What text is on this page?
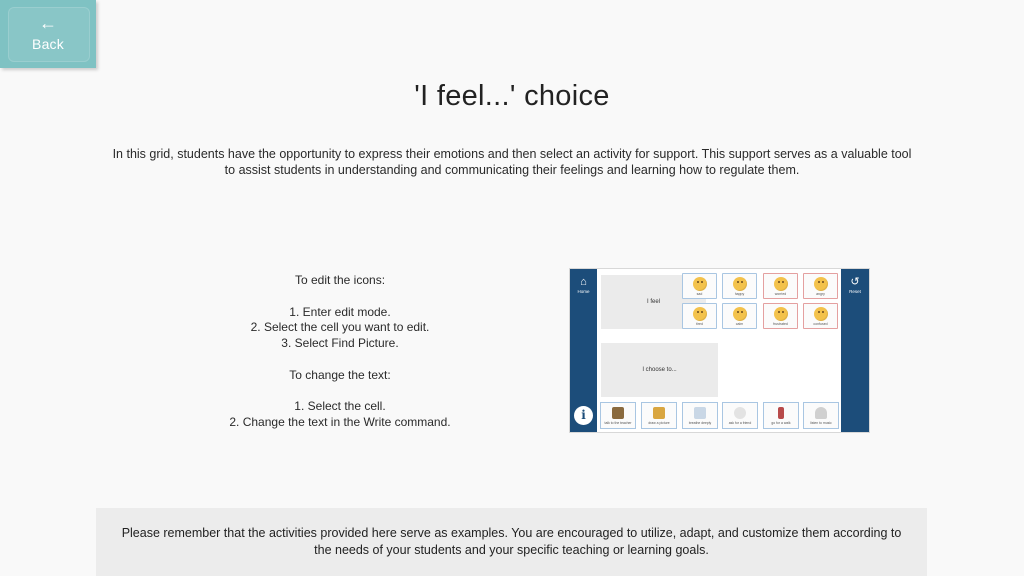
←
Back
'I feel...' choice

In this grid, students have the opportunity to express their emotions and then select an activity for support. This support serves as a valuable tool to assist students in understanding and communicating their feelings and learning how to regulate them.

To edit the icons:

1. Enter edit mode.

2. Select the cell you want to edit.

3. Select Find Picture.

To change the text:

1. Select the cell.

2. Change the text in the Write command.

⌂
Home
i
↺
Reset
I feel
I choose to...
sad	happy	worried	angry
tired	calm	frustrated	confused
talk to the teacher	draw a picture	breathe deeply	ask for a friend	go for a walk	listen to music
Please remember that the activities provided here serve as examples. You are encouraged to utilize, adapt, and customize them according to the needs of your students and your specific teaching or learning goals.
